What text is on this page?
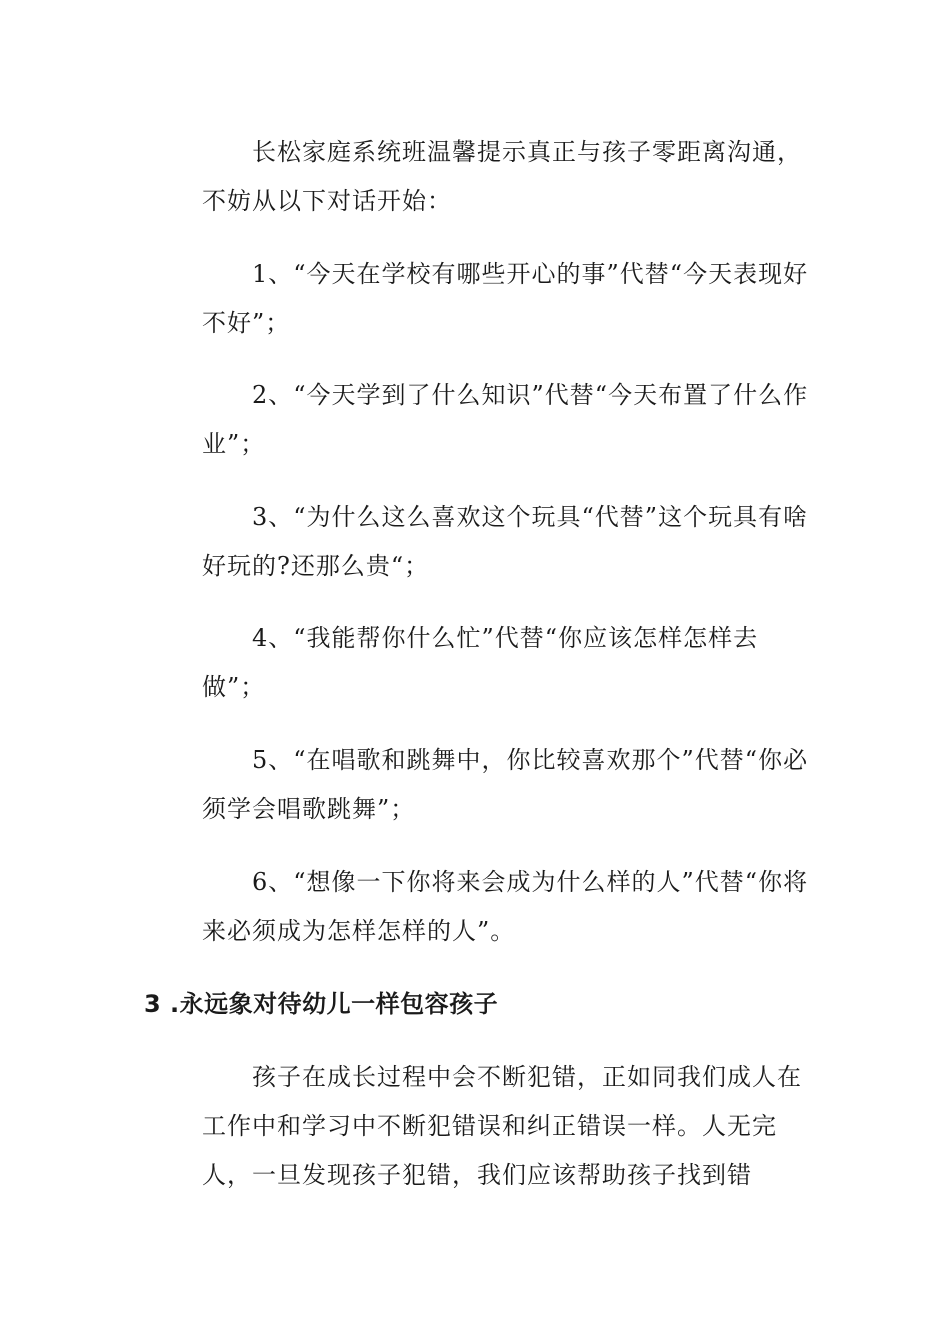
长松家庭系统班温馨提示真正与孩子零距离沟通，不妨从以下对话开始：

1、“今天在学校有哪些开心的事”代替“今天表现好不好”；

2、“今天学到了什么知识”代替“今天布置了什么作业”；

3、“为什么这么喜欢这个玩具“代替”这个玩具有啥好玩的?还那么贵“；

4、“我能帮你什么忙”代替“你应该怎样怎样去做”；

5、“在唱歌和跳舞中，你比较喜欢那个”代替“你必须学会唱歌跳舞”；

6、“想像一下你将来会成为什么样的人”代替“你将来必须成为怎样怎样的人”。

3 .永远象对待幼儿一样包容孩子

孩子在成长过程中会不断犯错，正如同我们成人在工作中和学习中不断犯错误和纠正错误一样。人无完人，一旦发现孩子犯错，我们应该帮助孩子找到错
